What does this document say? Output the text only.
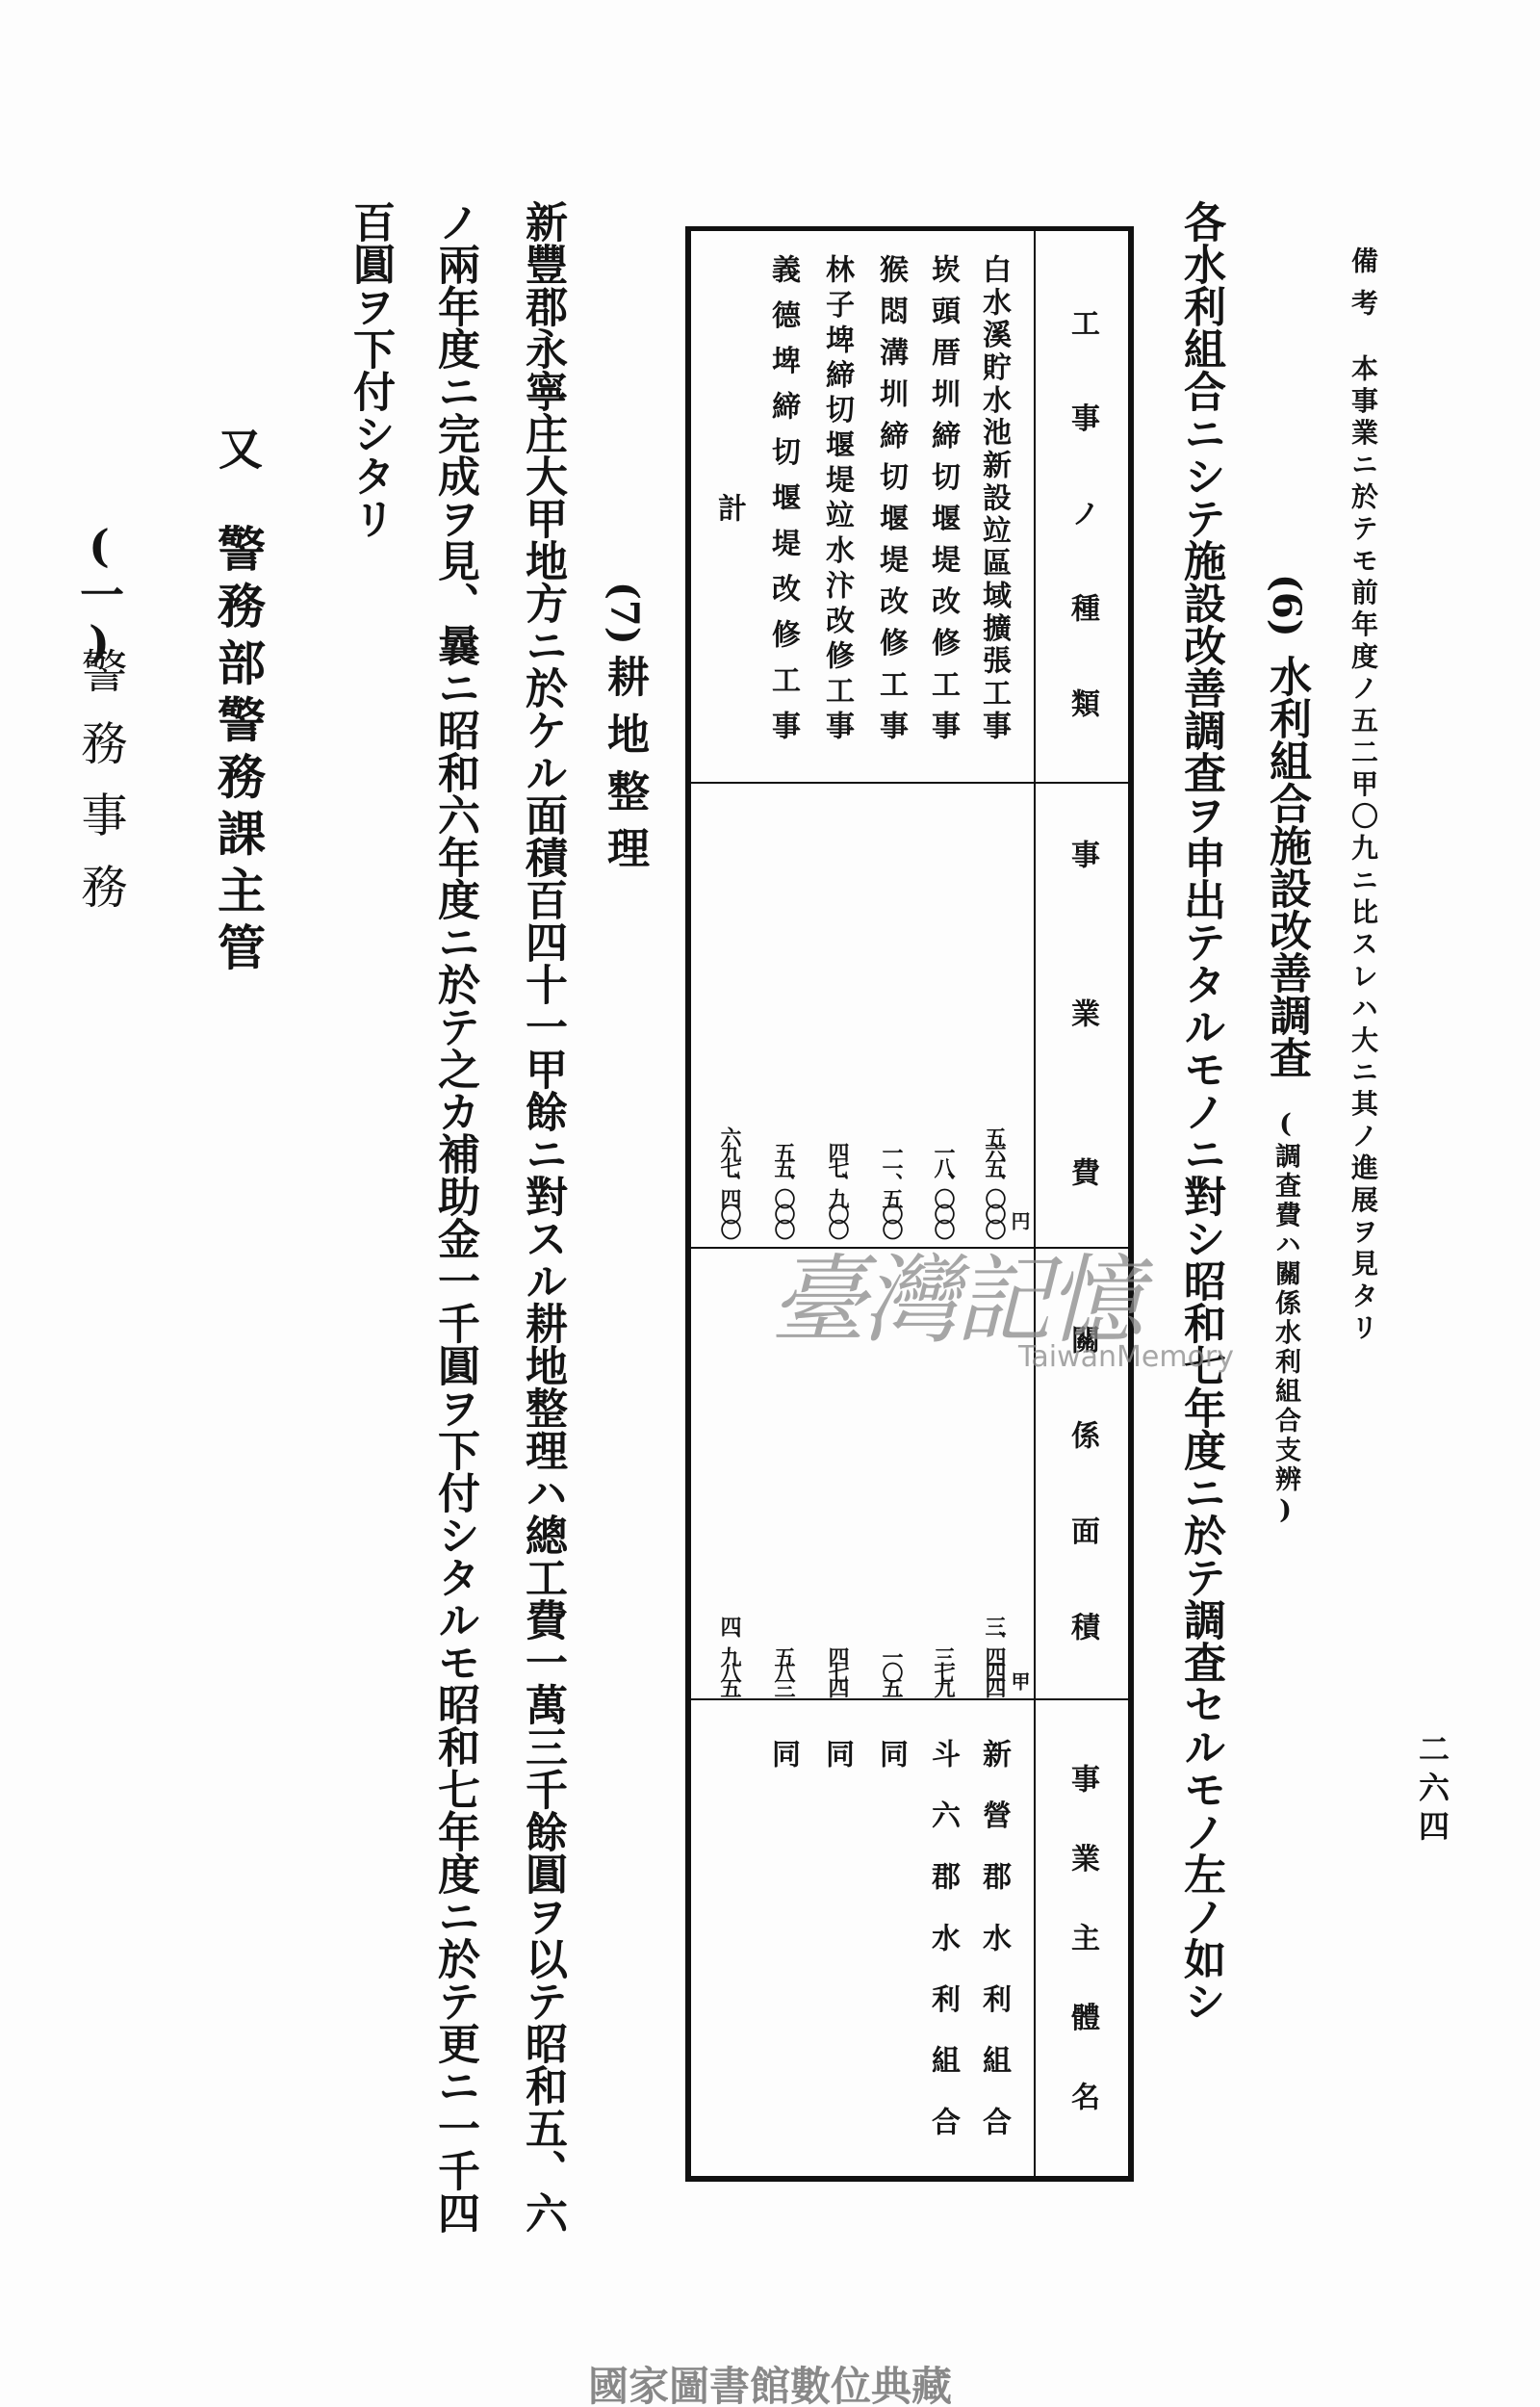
備考
本事業ニ於テモ前年度ノ五二甲〇九ニ比スレハ大ニ其ノ進展ヲ見タリ
二六四
(6)
水利組合施設改善調査
(調査費ハ關係水利組合支辨)
各水利組合ニシテ施設改善調査ヲ申出テタルモノニ對シ昭和七年度ニ於テ調査セルモノ左ノ如シ
工事ノ種類
事業費
關係面積
事業主體名
白水溪貯水池新設竝區域擴張工事
崁頭厝圳締切堰堤改修工事
猴悶溝圳締切堰堤改修工事
林子埤締切堰堤竝水汴改修工事
義德埤締切堰堤改修工事
計
円
五六五、〇〇〇
一八、〇〇〇
一一、五〇〇
四七、九〇〇
五五、〇〇〇
六九七、四〇〇
甲
三、四四四
三七九
一〇五
四七四
五八三
四、九八五
新營郡水利組合
斗六郡水利組合
同
同
同
(7)
耕地整理
新豐郡永寧庄大甲地方ニ於ケル面積百四十一甲餘ニ對スル耕地整理ハ總工費一萬三千餘圓ヲ以テ昭和五、六
ノ兩年度ニ完成ヲ見、曩ニ昭和六年度ニ於テ之カ補助金一千圓ヲ下付シタルモ昭和七年度ニ於テ更ニ一千四
百圓ヲ下付シタリ
又
警務部警務課主管
(一)
警務事務
臺灣記憶
TaiwanMemory
國家圖書館數位典藏
